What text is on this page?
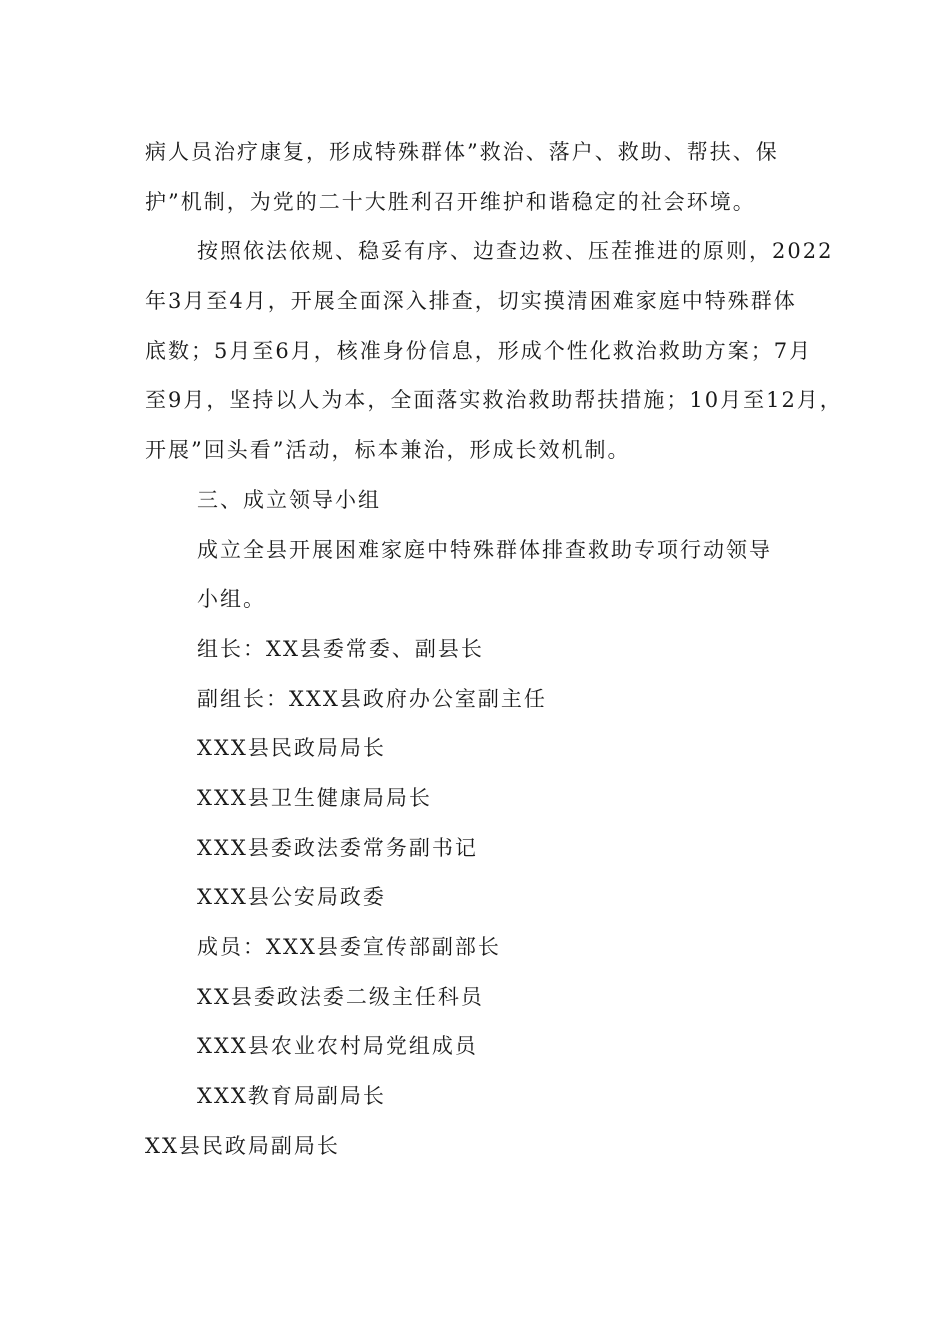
病人员治疗康复，形成特殊群体”救治、落户、救助、帮扶、保
护”机制，为党的二十大胜利召开维护和谐稳定的社会环境。
按照依法依规、稳妥有序、边查边救、压茬推进的原则，2022
年3月至4月，开展全面深入排查，切实摸清困难家庭中特殊群体
底数；5月至6月，核准身份信息，形成个性化救治救助方案；7月
至9月，坚持以人为本，全面落实救治救助帮扶措施；10月至12月，
开展”回头看”活动，标本兼治，形成长效机制。
三、成立领导小组
成立全县开展困难家庭中特殊群体排查救助专项行动领导
小组。
组长：XX县委常委、副县长
副组长：XXX县政府办公室副主任
XXX县民政局局长
XXX县卫生健康局局长
XXX县委政法委常务副书记
XXX县公安局政委
成员：XXX县委宣传部副部长
XX县委政法委二级主任科员
XXX县农业农村局党组成员
XXX教育局副局长
XX县民政局副局长
